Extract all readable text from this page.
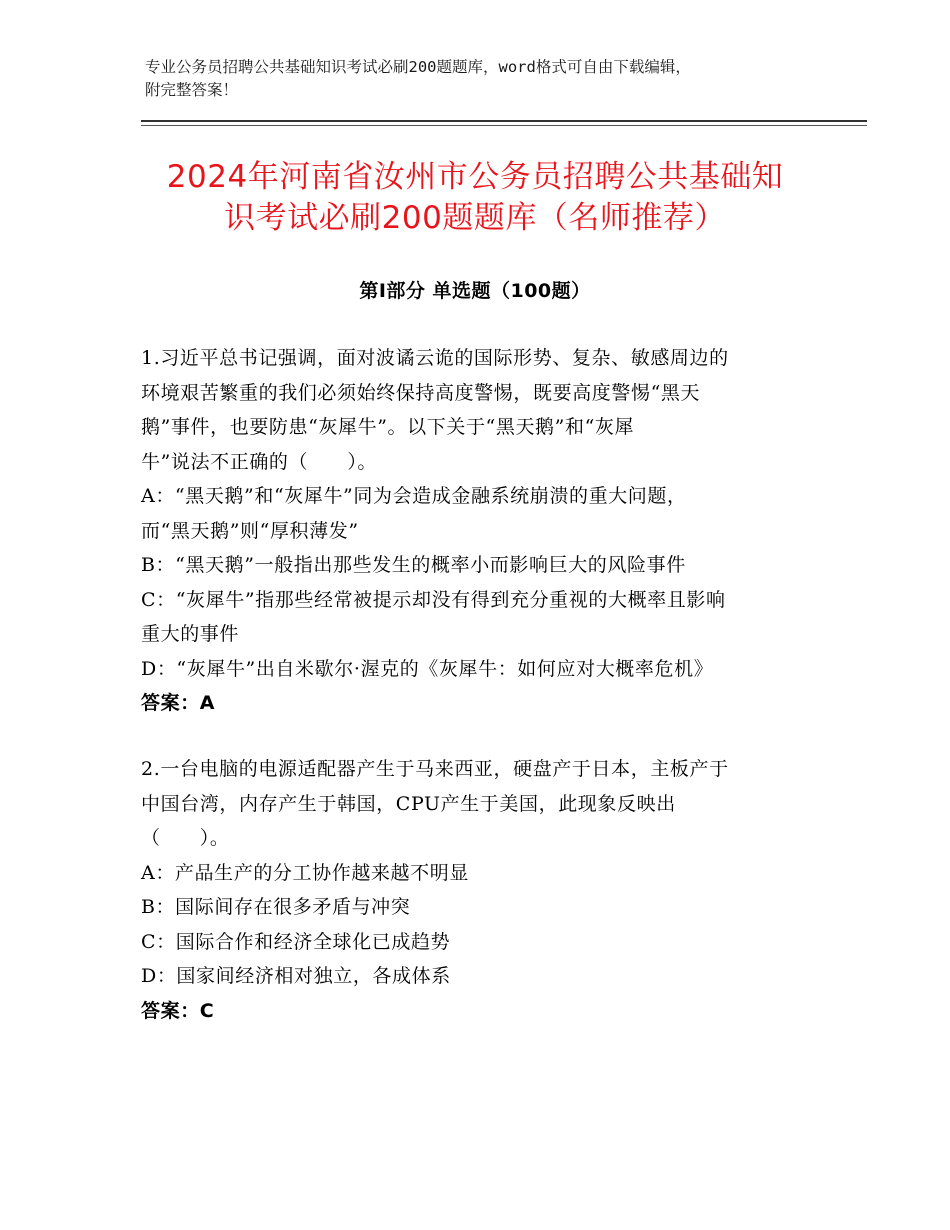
专业公务员招聘公共基础知识考试必刷200题题库，word格式可自由下载编辑，
附完整答案！
2024年河南省汝州市公务员招聘公共基础知
识考试必刷200题题库（名师推荐）
第Ⅰ部分 单选题（100题）

1.习近平总书记强调，面对波谲云诡的国际形势、复杂、敏感周边的

环境艰苦繁重的我们必须始终保持高度警惕，既要高度警惕“黑天

鹅”事件，也要防患“灰犀牛”。以下关于“黑天鹅”和“灰犀

牛”说法不正确的（　　）。

A：“黑天鹅”和“灰犀牛”同为会造成金融系统崩溃的重大问题，

而“黑天鹅”则“厚积薄发”

B：“黑天鹅”一般指出那些发生的概率小而影响巨大的风险事件

C：“灰犀牛”指那些经常被提示却没有得到充分重视的大概率且影响

重大的事件

D：“灰犀牛”出自米歇尔·渥克的《灰犀牛：如何应对大概率危机》

答案：A

2.一台电脑的电源适配器产生于马来西亚，硬盘产于日本，主板产于

中国台湾，内存产生于韩国，CPU产生于美国，此现象反映出

（　　）。

A：产品生产的分工协作越来越不明显

B：国际间存在很多矛盾与冲突

C：国际合作和经济全球化已成趋势

D：国家间经济相对独立，各成体系

答案：C
